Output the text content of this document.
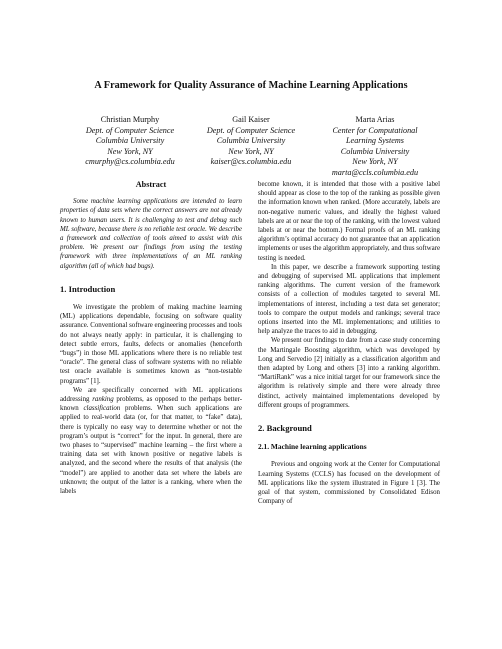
A Framework for Quality Assurance of Machine Learning Applications
Christian Murphy
Dept. of Computer Science
Columbia University
New York, NY
cmurphy@cs.columbia.edu
Gail Kaiser
Dept. of Computer Science
Columbia University
New York, NY
kaiser@cs.columbia.edu
Marta Arias
Center for Computational
Learning Systems
Columbia University
New York, NY
marta@ccls.columbia.edu
Abstract

Some machine learning applications are intended to learn properties of data sets where the correct answers are not already known to human users. It is challenging to test and debug such ML software, because there is no reliable test oracle. We describe a framework and collection of tools aimed to assist with this problem. We present our findings from using the testing framework with three implementations of an ML ranking algorithm (all of which had bugs).

1. Introduction

We investigate the problem of making machine learning (ML) applications dependable, focusing on software quality assurance. Conventional software engineering processes and tools do not always neatly apply: in particular, it is challenging to detect subtle errors, faults, defects or anomalies (henceforth “bugs”) in those ML applications where there is no reliable test “oracle”. The general class of software systems with no reliable test oracle available is sometimes known as “non-testable programs” [1].

We are specifically concerned with ML applications addressing ranking problems, as opposed to the perhaps better-known classification problems. When such applications are applied to real-world data (or, for that matter, to “fake” data), there is typically no easy way to determine whether or not the program’s output is “correct” for the input. In general, there are two phases to “supervised” machine learning – the first where a training data set with known positive or negative labels is analyzed, and the second where the results of that analysis (the “model”) are applied to another data set where the labels are unknown; the output of the latter is a ranking, where when the labels

become known, it is intended that those with a positive label should appear as close to the top of the ranking as possible given the information known when ranked. (More accurately, labels are non-negative numeric values, and ideally the highest valued labels are at or near the top of the ranking, with the lowest valued labels at or near the bottom.) Formal proofs of an ML ranking algorithm’s optimal accuracy do not guarantee that an application implements or uses the algorithm appropriately, and thus software testing is needed.

In this paper, we describe a framework supporting testing and debugging of supervised ML applications that implement ranking algorithms. The current version of the framework consists of a collection of modules targeted to several ML implementations of interest, including a test data set generator; tools to compare the output models and rankings; several trace options inserted into the ML implementations; and utilities to help analyze the traces to aid in debugging.

We present our findings to date from a case study concerning the Martingale Boosting algorithm, which was developed by Long and Servedio [2] initially as a classification algorithm and then adapted by Long and others [3] into a ranking algorithm. “MartiRank” was a nice initial target for our framework since the algorithm is relatively simple and there were already three distinct, actively maintained implementations developed by different groups of programmers.

2. Background
2.1. Machine learning applications

Previous and ongoing work at the Center for Computational Learning Systems (CCLS) has focused on the development of ML applications like the system illustrated in Figure 1 [3]. The goal of that system, commissioned by Consolidated Edison Company of
